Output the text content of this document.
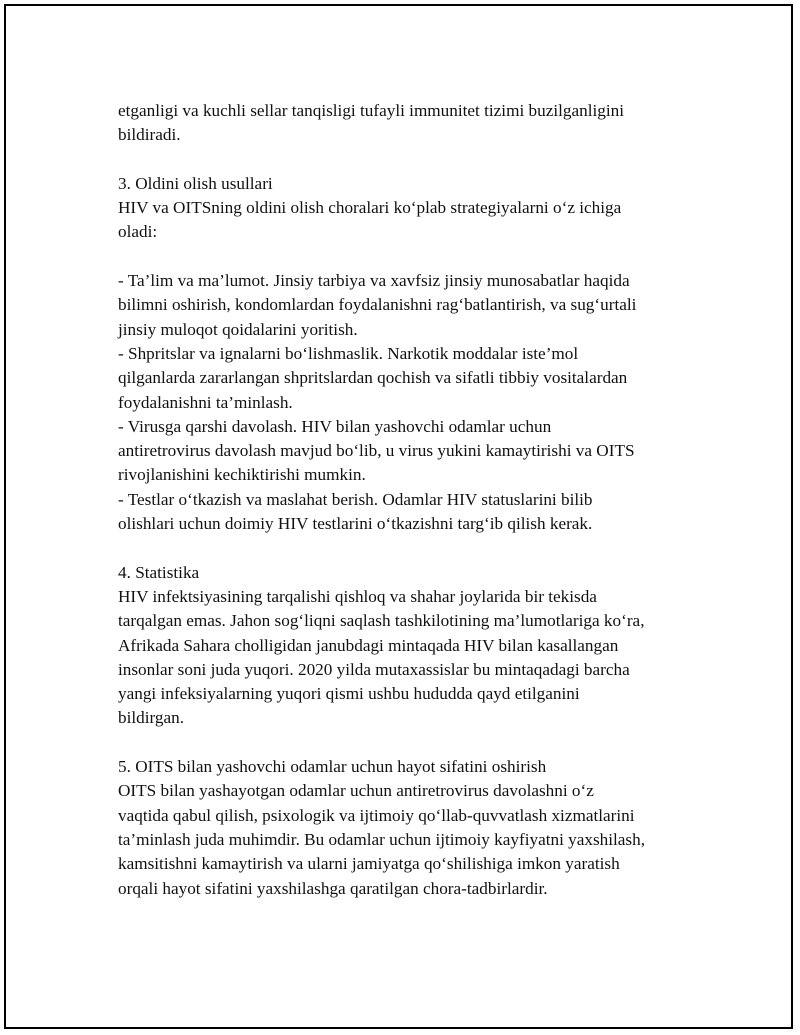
etganligi va kuchli sellar tanqisligi tufayli immunitet tizimi buzilganligini

bildiradi.

3. Oldini olish usullari

HIV va OITSning oldini olish choralari ko‘plab strategiyalarni o‘z ichiga

oladi:

- Ta’lim va ma’lumot. Jinsiy tarbiya va xavfsiz jinsiy munosabatlar haqida

bilimni oshirish, kondomlardan foydalanishni rag‘batlantirish, va sug‘urtali

jinsiy muloqot qoidalarini yoritish.

- Shpritslar va ignalarni bo‘lishmaslik. Narkotik moddalar iste’mol

qilganlarda zararlangan shpritslardan qochish va sifatli tibbiy vositalardan

foydalanishni ta’minlash.

- Virusga qarshi davolash. HIV bilan yashovchi odamlar uchun

antiretrovirus davolash mavjud bo‘lib, u virus yukini kamaytirishi va OITS

rivojlanishini kechiktirishi mumkin.

- Testlar o‘tkazish va maslahat berish. Odamlar HIV statuslarini bilib

olishlari uchun doimiy HIV testlarini o‘tkazishni targ‘ib qilish kerak.

4. Statistika

HIV infektsiyasining tarqalishi qishloq va shahar joylarida bir tekisda

tarqalgan emas. Jahon sog‘liqni saqlash tashkilotining ma’lumotlariga ko‘ra,

Afrikada Sahara cholligidan janubdagi mintaqada HIV bilan kasallangan

insonlar soni juda yuqori. 2020 yilda mutaxassislar bu mintaqadagi barcha

yangi infeksiyalarning yuqori qismi ushbu hududda qayd etilganini

bildirgan.

5. OITS bilan yashovchi odamlar uchun hayot sifatini oshirish

OITS bilan yashayotgan odamlar uchun antiretrovirus davolashni o‘z

vaqtida qabul qilish, psixologik va ijtimoiy qo‘llab-quvvatlash xizmatlarini

ta’minlash juda muhimdir. Bu odamlar uchun ijtimoiy kayfiyatni yaxshilash,

kamsitishni kamaytirish va ularni jamiyatga qo‘shilishiga imkon yaratish

orqali hayot sifatini yaxshilashga qaratilgan chora-tadbirlardir.
